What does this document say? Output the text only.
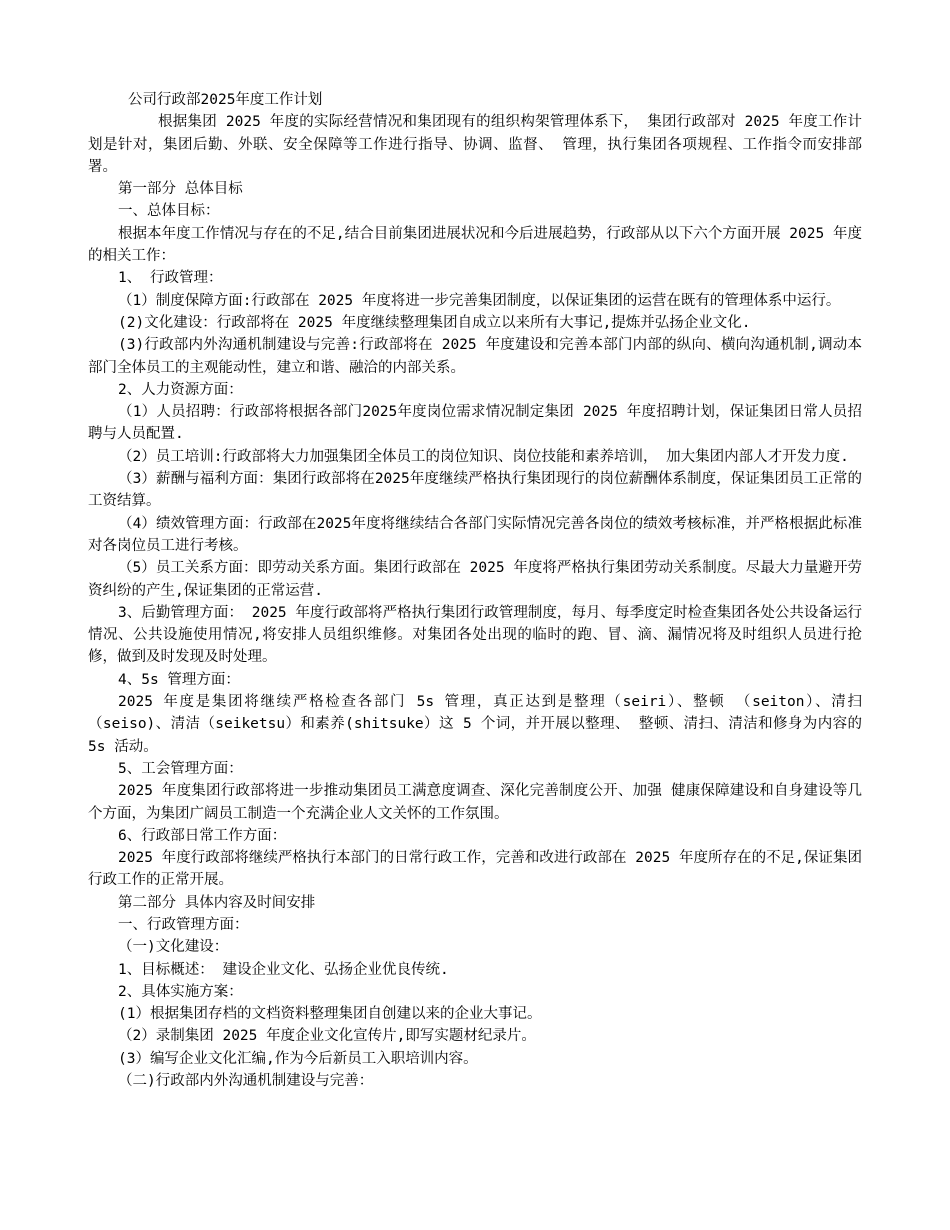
公司行政部2025年度工作计划
根据集团 2025 年度的实际经营情况和集团现有的组织构架管理体系下， 集团行政部对 2025 年度工作计划是针对，集团后勤、外联、安全保障等工作进行指导、协调、监督、 管理，执行集团各项规程、工作指令而安排部署。
第一部分 总体目标
一、总体目标：
根据本年度工作情况与存在的不足,结合目前集团进展状况和今后进展趋势，行政部从以下六个方面开展 2025 年度的相关工作：
1、 行政管理：
（1）制度保障方面:行政部在 2025 年度将进一步完善集团制度，以保证集团的运营在既有的管理体系中运行。
(2)文化建设：行政部将在 2025 年度继续整理集团自成立以来所有大事记,提炼并弘扬企业文化.
(3)行政部内外沟通机制建设与完善:行政部将在 2025 年度建设和完善本部门内部的纵向、横向沟通机制,调动本部门全体员工的主观能动性，建立和谐、融洽的内部关系。
2、人力资源方面：
（1）人员招聘：行政部将根据各部门2025年度岗位需求情况制定集团 2025 年度招聘计划，保证集团日常人员招聘与人员配置.
（2）员工培训:行政部将大力加强集团全体员工的岗位知识、岗位技能和素养培训， 加大集团内部人才开发力度.
（3）薪酬与福利方面：集团行政部将在2025年度继续严格执行集团现行的岗位薪酬体系制度，保证集团员工正常的工资结算。
（4）绩效管理方面：行政部在2025年度将继续结合各部门实际情况完善各岗位的绩效考核标准，并严格根据此标准对各岗位员工进行考核。
（5）员工关系方面：即劳动关系方面。集团行政部在 2025 年度将严格执行集团劳动关系制度。尽最大力量避开劳资纠纷的产生,保证集团的正常运营.
3、后勤管理方面： 2025 年度行政部将严格执行集团行政管理制度，每月、每季度定时检查集团各处公共设备运行情况、公共设施使用情况,将安排人员组织维修。对集团各处出现的临时的跑、冒、滴、漏情况将及时组织人员进行抢修，做到及时发现及时处理。
4、5s 管理方面：
2025 年度是集团将继续严格检查各部门 5s 管理，真正达到是整理（seiri）、整顿 （seiton）、清扫（seiso)、清洁（seiketsu）和素养(shitsuke）这 5 个词，并开展以整理、 整顿、清扫、清洁和修身为内容的 5s 活动。
5、工会管理方面：
2025 年度集团行政部将进一步推动集团员工满意度调查、深化完善制度公开、加强 健康保障建设和自身建设等几个方面，为集团广阔员工制造一个充满企业人文关怀的工作氛围。
6、行政部日常工作方面：
2025 年度行政部将继续严格执行本部门的日常行政工作，完善和改进行政部在 2025 年度所存在的不足,保证集团行政工作的正常开展。
第二部分 具体内容及时间安排
一、行政管理方面：
（一)文化建设：
1、目标概述： 建设企业文化、弘扬企业优良传统.
2、具体实施方案：
(1）根据集团存档的文档资料整理集团自创建以来的企业大事记。
（2）录制集团 2025 年度企业文化宣传片,即写实题材纪录片。
(3）编写企业文化汇编,作为今后新员工入职培训内容。
（二)行政部内外沟通机制建设与完善：
